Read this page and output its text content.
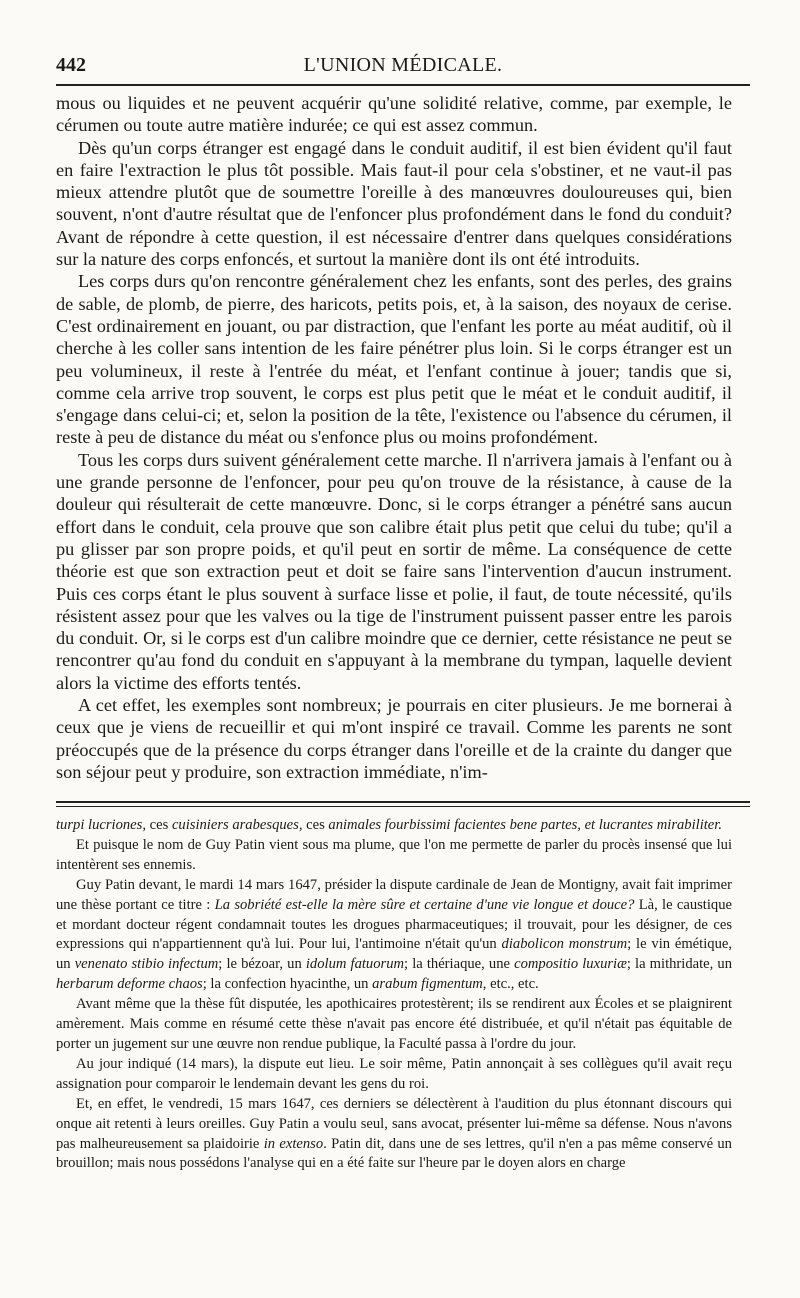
442	L'UNION MÉDICALE.

mous ou liquides et ne peuvent acquérir qu'une solidité relative, comme, par exemple, le cérumen ou toute autre matière indurée; ce qui est assez commun.

Dès qu'un corps étranger est engagé dans le conduit auditif, il est bien évident qu'il faut en faire l'extraction le plus tôt possible. Mais faut-il pour cela s'obstiner, et ne vaut-il pas mieux attendre plutôt que de soumettre l'oreille à des manœuvres douloureuses qui, bien souvent, n'ont d'autre résultat que de l'enfoncer plus profondément dans le fond du conduit? Avant de répondre à cette question, il est nécessaire d'entrer dans quelques considérations sur la nature des corps enfoncés, et surtout la manière dont ils ont été introduits.

Les corps durs qu'on rencontre généralement chez les enfants, sont des perles, des grains de sable, de plomb, de pierre, des haricots, petits pois, et, à la saison, des noyaux de cerise. C'est ordinairement en jouant, ou par distraction, que l'enfant les porte au méat auditif, où il cherche à les coller sans intention de les faire pénétrer plus loin. Si le corps étranger est un peu volumineux, il reste à l'entrée du méat, et l'enfant continue à jouer; tandis que si, comme cela arrive trop souvent, le corps est plus petit que le méat et le conduit auditif, il s'engage dans celui-ci; et, selon la position de la tête, l'existence ou l'absence du cérumen, il reste à peu de distance du méat ou s'enfonce plus ou moins profondément.

Tous les corps durs suivent généralement cette marche. Il n'arrivera jamais à l'enfant ou à une grande personne de l'enfoncer, pour peu qu'on trouve de la résistance, à cause de la douleur qui résulterait de cette manœuvre. Donc, si le corps étranger a pénétré sans aucun effort dans le conduit, cela prouve que son calibre était plus petit que celui du tube; qu'il a pu glisser par son propre poids, et qu'il peut en sortir de même. La conséquence de cette théorie est que son extraction peut et doit se faire sans l'intervention d'aucun instrument. Puis ces corps étant le plus souvent à surface lisse et polie, il faut, de toute nécessité, qu'ils résistent assez pour que les valves ou la tige de l'instrument puissent passer entre les parois du conduit. Or, si le corps est d'un calibre moindre que ce dernier, cette résistance ne peut se rencontrer qu'au fond du conduit en s'appuyant à la membrane du tympan, laquelle devient alors la victime des efforts tentés.

A cet effet, les exemples sont nombreux; je pourrais en citer plusieurs. Je me bornerai à ceux que je viens de recueillir et qui m'ont inspiré ce travail. Comme les parents ne sont préoccupés que de la présence du corps étranger dans l'oreille et de la crainte du danger que son séjour peut y produire, son extraction immédiate, n'im-

turpi lucriones, ces cuisiniers arabesques, ces animales fourbissimi facientes bene partes, et lucrantes mirabiliter.

Et puisque le nom de Guy Patin vient sous ma plume, que l'on me permette de parler du procès insensé que lui intentèrent ses ennemis.

Guy Patin devant, le mardi 14 mars 1647, présider la dispute cardinale de Jean de Montigny, avait fait imprimer une thèse portant ce titre : La sobriété est-elle la mère sûre et certaine d'une vie longue et douce? Là, le caustique et mordant docteur régent condamnait toutes les drogues pharmaceutiques; il trouvait, pour les désigner, de ces expressions qui n'appartiennent qu'à lui. Pour lui, l'antimoine n'était qu'un diabolicon monstrum; le vin émétique, un venenato stibio infectum; le bézoar, un idolum fatuorum; la thériaque, une compositio luxuriæ; la mithridate, un herbarum deforme chaos; la confection hyacinthe, un arabum figmentum, etc., etc.

Avant même que la thèse fût disputée, les apothicaires protestèrent; ils se rendirent aux Écoles et se plaignirent amèrement. Mais comme en résumé cette thèse n'avait pas encore été distribuée, et qu'il n'était pas équitable de porter un jugement sur une œuvre non rendue publique, la Faculté passa à l'ordre du jour.

Au jour indiqué (14 mars), la dispute eut lieu. Le soir même, Patin annonçait à ses collègues qu'il avait reçu assignation pour comparoir le lendemain devant les gens du roi.

Et, en effet, le vendredi, 15 mars 1647, ces derniers se délectèrent à l'audition du plus étonnant discours qui onque ait retenti à leurs oreilles. Guy Patin a voulu seul, sans avocat, présenter lui-même sa défense. Nous n'avons pas malheureusement sa plaidoirie in extenso. Patin dit, dans une de ses lettres, qu'il n'en a pas même conservé un brouillon; mais nous possédons l'analyse qui en a été faite sur l'heure par le doyen alors en charge
